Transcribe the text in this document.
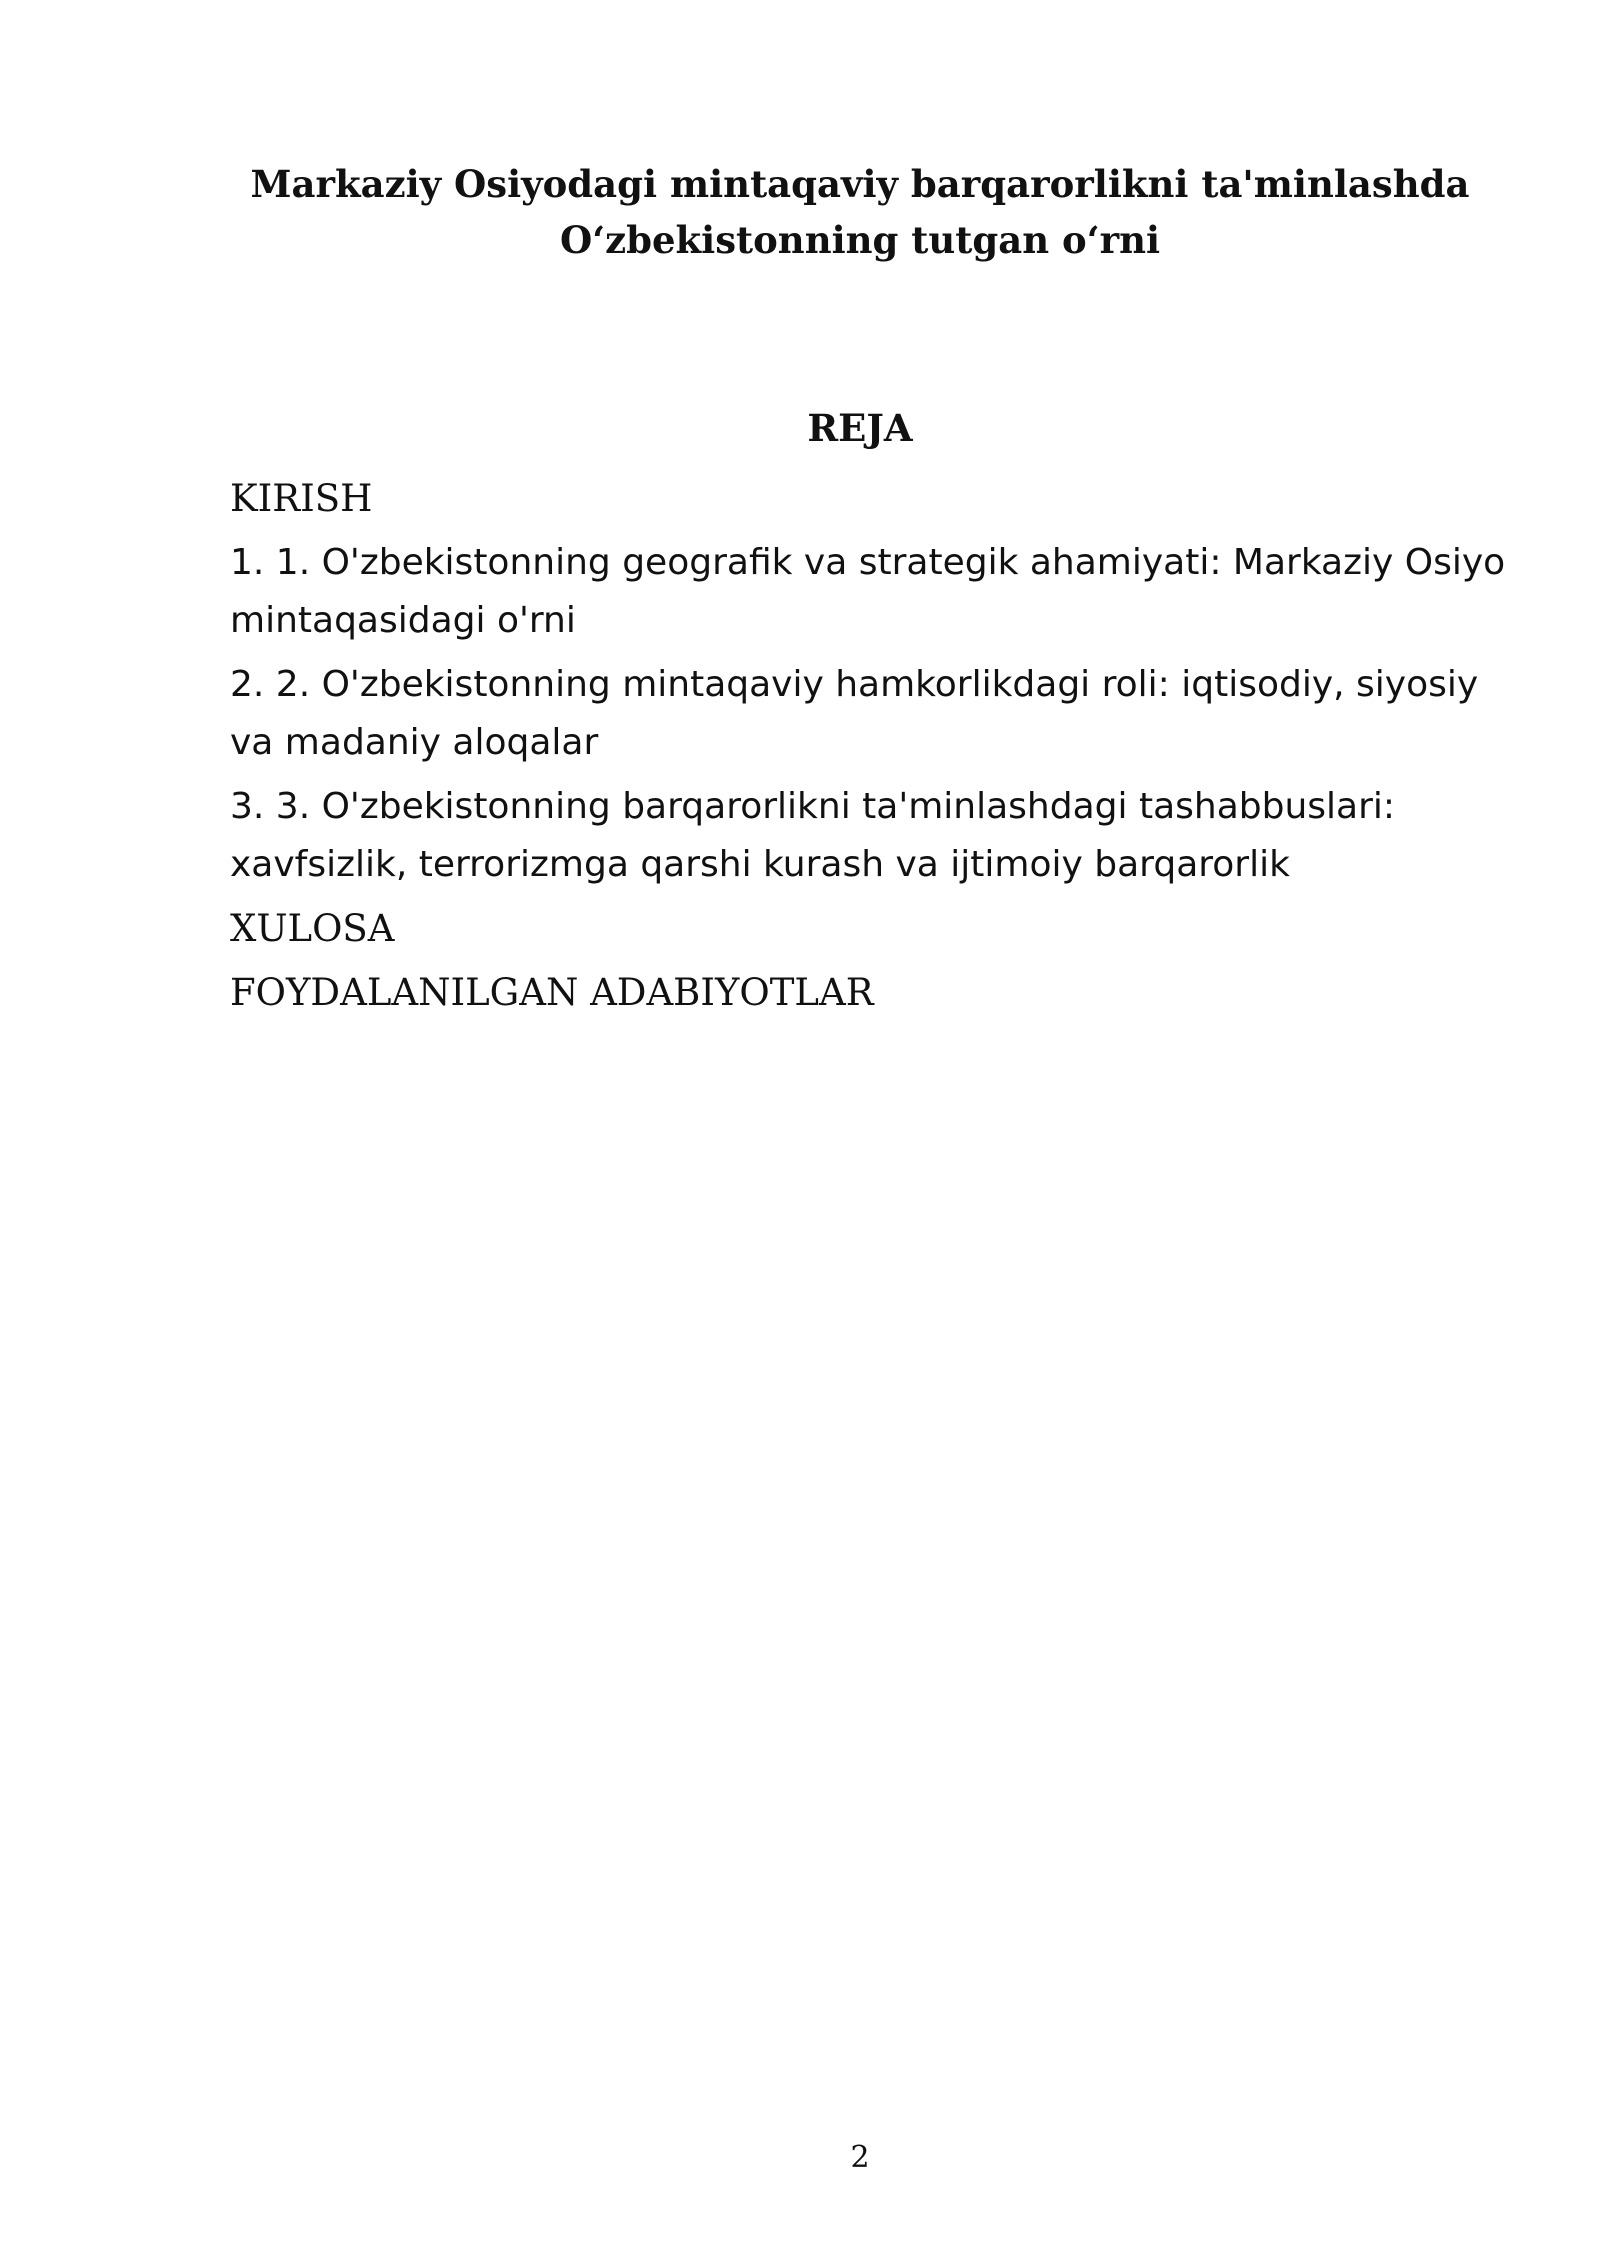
Markaziy Osiyodagi mintaqaviy barqarorlikni ta'minlashda
O‘zbekistonning tutgan o‘rni
REJA
KIRISH
1. 1. O'zbekistonning geografik va strategik ahamiyati: Markaziy Osiyo mintaqasidagi o'rni
2. 2. O'zbekistonning mintaqaviy hamkorlikdagi roli: iqtisodiy, siyosiy va madaniy aloqalar
3. 3. O'zbekistonning barqarorlikni ta'minlashdagi tashabbuslari: xavfsizlik, terrorizmga qarshi kurash va ijtimoiy barqarorlik
XULOSA
FOYDALANILGAN ADABIYOTLAR
2
